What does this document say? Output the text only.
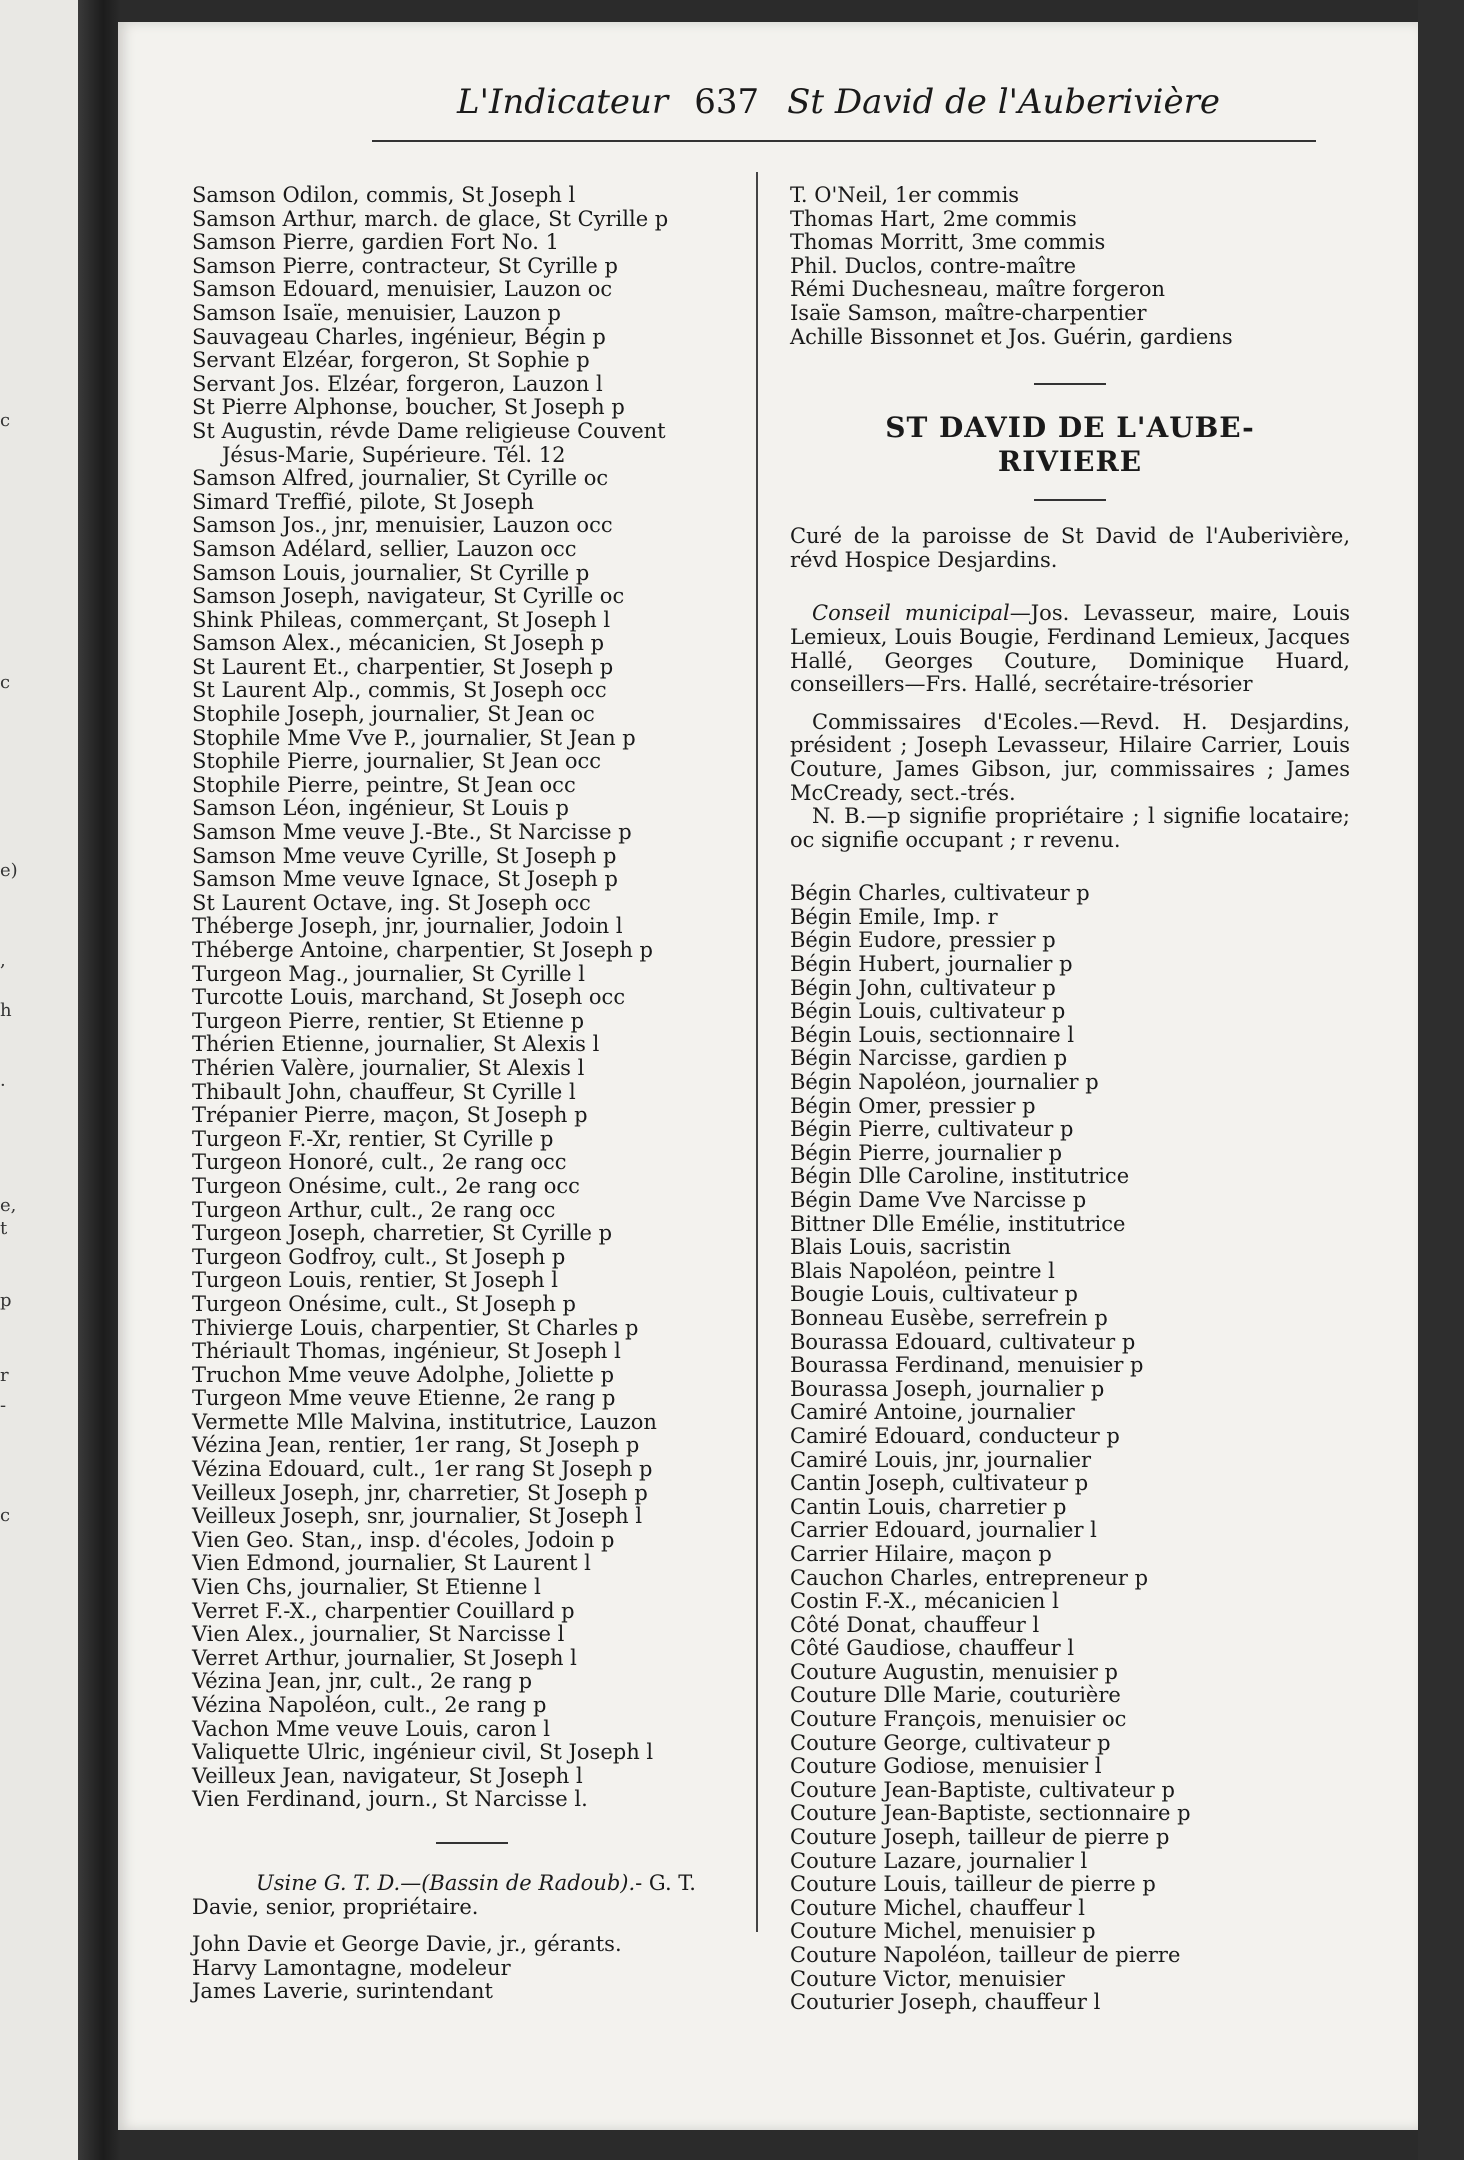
c
c
e)
,
h
·
e,
t
p
r
-
c
L'Indicateur 637 St David de l'Auberivière
Samson Odilon, commis, St Joseph l
Samson Arthur, march. de glace, St Cyrille p
Samson Pierre, gardien Fort No. 1
Samson Pierre, contracteur, St Cyrille p
Samson Edouard, menuisier, Lauzon oc
Samson Isaïe, menuisier, Lauzon p
Sauvageau Charles, ingénieur, Bégin p
Servant Elzéar, forgeron, St Sophie p
Servant Jos. Elzéar, forgeron, Lauzon l
St Pierre Alphonse, boucher, St Joseph p
St Augustin, révde Dame religieuse Couvent
Jésus-Marie, Supérieure. Tél. 12
Samson Alfred, journalier, St Cyrille oc
Simard Treffié, pilote, St Joseph
Samson Jos., jnr, menuisier, Lauzon occ
Samson Adélard, sellier, Lauzon occ
Samson Louis, journalier, St Cyrille p
Samson Joseph, navigateur, St Cyrille oc
Shink Phileas, commerçant, St Joseph l
Samson Alex., mécanicien, St Joseph p
St Laurent Et., charpentier, St Joseph p
St Laurent Alp., commis, St Joseph occ
Stophile Joseph, journalier, St Jean oc
Stophile Mme Vve P., journalier, St Jean p
Stophile Pierre, journalier, St Jean occ
Stophile Pierre, peintre, St Jean occ
Samson Léon, ingénieur, St Louis p
Samson Mme veuve J.-Bte., St Narcisse p
Samson Mme veuve Cyrille, St Joseph p
Samson Mme veuve Ignace, St Joseph p
St Laurent Octave, ing. St Joseph occ
Théberge Joseph, jnr, journalier, Jodoin l
Théberge Antoine, charpentier, St Joseph p
Turgeon Mag., journalier, St Cyrille l
Turcotte Louis, marchand, St Joseph occ
Turgeon Pierre, rentier, St Etienne p
Thérien Etienne, journalier, St Alexis l
Thérien Valère, journalier, St Alexis l
Thibault John, chauffeur, St Cyrille l
Trépanier Pierre, maçon, St Joseph p
Turgeon F.-Xr, rentier, St Cyrille p
Turgeon Honoré, cult., 2e rang occ
Turgeon Onésime, cult., 2e rang occ
Turgeon Arthur, cult., 2e rang occ
Turgeon Joseph, charretier, St Cyrille p
Turgeon Godfroy, cult., St Joseph p
Turgeon Louis, rentier, St Joseph l
Turgeon Onésime, cult., St Joseph p
Thivierge Louis, charpentier, St Charles p
Thériault Thomas, ingénieur, St Joseph l
Truchon Mme veuve Adolphe, Joliette p
Turgeon Mme veuve Etienne, 2e rang p
Vermette Mlle Malvina, institutrice, Lauzon
Vézina Jean, rentier, 1er rang, St Joseph p
Vézina Edouard, cult., 1er rang St Joseph p
Veilleux Joseph, jnr, charretier, St Joseph p
Veilleux Joseph, snr, journalier, St Joseph l
Vien Geo. Stan,, insp. d'écoles, Jodoin p
Vien Edmond, journalier, St Laurent l
Vien Chs, journalier, St Etienne l
Verret F.-X., charpentier Couillard p
Vien Alex., journalier, St Narcisse l
Verret Arthur, journalier, St Joseph l
Vézina Jean, jnr, cult., 2e rang p
Vézina Napoléon, cult., 2e rang p
Vachon Mme veuve Louis, caron l
Valiquette Ulric, ingénieur civil, St Joseph l
Veilleux Jean, navigateur, St Joseph l
Vien Ferdinand, journ., St Narcisse l.
Usine G. T. D.—(Bassin de Radoub).- G. T. Davie, senior, propriétaire.
John Davie et George Davie, jr., gérants.
Harvy Lamontagne, modeleur
James Laverie, surintendant
T. O'Neil, 1er commis
Thomas Hart, 2me commis
Thomas Morritt, 3me commis
Phil. Duclos, contre-maître
Rémi Duchesneau, maître forgeron
Isaïe Samson, maître-charpentier
Achille Bissonnet et Jos. Guérin, gardiens
ST DAVID DE L'AUBE-
RIVIERE
Curé de la paroisse de St David de l'Auberivière, révd Hospice Desjardins.
Conseil municipal—Jos. Levasseur, maire, Louis Lemieux, Louis Bougie, Ferdinand Lemieux, Jacques Hallé, Georges Couture, Dominique Huard, conseillers—Frs. Hallé, secrétaire-trésorier
Commissaires d'Ecoles.—Revd. H. Desjardins, président ; Joseph Levasseur, Hilaire Carrier, Louis Couture, James Gibson, jur, commissaires ; James McCready, sect.-trés.
N. B.—p signifie propriétaire ; l signifie locataire; oc signifie occupant ; r revenu.
Bégin Charles, cultivateur p
Bégin Emile, Imp. r
Bégin Eudore, pressier p
Bégin Hubert, journalier p
Bégin John, cultivateur p
Bégin Louis, cultivateur p
Bégin Louis, sectionnaire l
Bégin Narcisse, gardien p
Bégin Napoléon, journalier p
Bégin Omer, pressier p
Bégin Pierre, cultivateur p
Bégin Pierre, journalier p
Bégin Dlle Caroline, institutrice
Bégin Dame Vve Narcisse p
Bittner Dlle Emélie, institutrice
Blais Louis, sacristin
Blais Napoléon, peintre l
Bougie Louis, cultivateur p
Bonneau Eusèbe, serrefrein p
Bourassa Edouard, cultivateur p
Bourassa Ferdinand, menuisier p
Bourassa Joseph, journalier p
Camiré Antoine, journalier
Camiré Edouard, conducteur p
Camiré Louis, jnr, journalier
Cantin Joseph, cultivateur p
Cantin Louis, charretier p
Carrier Edouard, journalier l
Carrier Hilaire, maçon p
Cauchon Charles, entrepreneur p
Costin F.-X., mécanicien l
Côté Donat, chauffeur l
Côté Gaudiose, chauffeur l
Couture Augustin, menuisier p
Couture Dlle Marie, couturière
Couture François, menuisier oc
Couture George, cultivateur p
Couture Godiose, menuisier l
Couture Jean-Baptiste, cultivateur p
Couture Jean-Baptiste, sectionnaire p
Couture Joseph, tailleur de pierre p
Couture Lazare, journalier l
Couture Louis, tailleur de pierre p
Couture Michel, chauffeur l
Couture Michel, menuisier p
Couture Napoléon, tailleur de pierre
Couture Victor, menuisier
Couturier Joseph, chauffeur l
